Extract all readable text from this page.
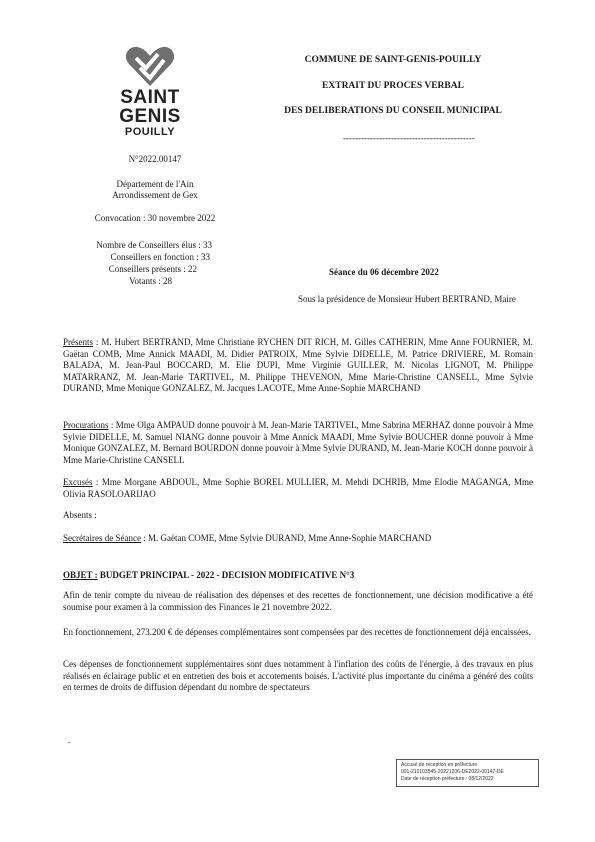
SAINT
GENIS
POUILLY
COMMUNE DE SAINT-GENIS-POUILLY
EXTRAIT DU PROCES VERBAL
DES DELIBERATIONS DU CONSEIL MUNICIPAL
--------------------------------------------
N°2022.00147
Département de l'Ain
Arrondissement de Gex
Convocation : 30 novembre 2022
Nombre de Conseillers élus : 33
Conseillers en fonction : 33
Conseillers présents : 22
Votants : 28
Séance du 06 décembre 2022
Sous la présidence de Monsieur Hubert BERTRAND, Maire
Présents : M. Hubert BERTRAND, Mme Christiane RYCHEN DIT RICH, M. Gilles CATHERIN, Mme Anne FOURNIER, M. Gaëtan COMB, Mme Annick MAADI, M. Didier PATROIX, Mme Sylvie DIDELLE, M. Patrice DRIVIERE, M. Romain BALADA, M. Jean-Paul BOCCARD, M. Elie DUPI, Mme Virginie GUILLER, M. Nicolas LIGNOT, M. Philippe MATARRANZ, M. Jean-Marie TARTIVEL, M. Philippe THEVENON, Mme Marie-Christine CANSELL, Mme Sylvie DURAND, Mme Monique GONZALEZ, M. Jacques LACOTE, Mme Anne-Sophie MARCHAND
Procurations : Mme Olga AMPAUD donne pouvoir à M. Jean-Marie TARTIVEL, Mme Sabrina MERHAZ donne pouvoir à Mme Sylvie DIDELLE, M. Samuel NIANG donne pouvoir à Mme Annick MAADI, Mme Sylvie BOUCHER donne pouvoir à Mme Monique GONZALEZ, M. Bernard BOURDON donne pouvoir à Mme Sylvie DURAND, M. Jean-Marie KOCH donne pouvoir à Mme Marie-Christine CANSELL
Excusés : Mme Morgane ABDOUL, Mme Sophie BOREL MULLIER, M. Mehdi DCHRIB, Mme Elodie MAGANGA, Mme Olivia RASOLOARIJAO
Absents :
Secrétaires de Séance : M. Gaëtan COME, Mme Sylvie DURAND, Mme Anne-Sophie MARCHAND
OBJET : BUDGET PRINCIPAL - 2022 - DECISION MODIFICATIVE N°3
Afin de tenir compte du niveau de réalisation des dépenses et des recettes de fonctionnement, une décision modificative a été soumise pour examen à la commission des Finances le 21 novembre 2022.
En fonctionnement, 273.200 € de dépenses complémentaires sont compensées par des recettes de fonctionnement déjà encaissées.
Ces dépenses de fonctionnement supplémentaires sont dues notamment à l'inflation des coûts de l'énergie, à des travaux en plus réalisés en éclairage public et en entretien des bois et accotements boisés. L'activité plus importante du cinéma a généré des coûts en termes de droits de diffusion dépendant du nombre de spectateurs
.
Accusé de réception en préfecture
001-210103545-20221206-DE2022-00147-DE
Date de réception préfecture : 08/12/2022
